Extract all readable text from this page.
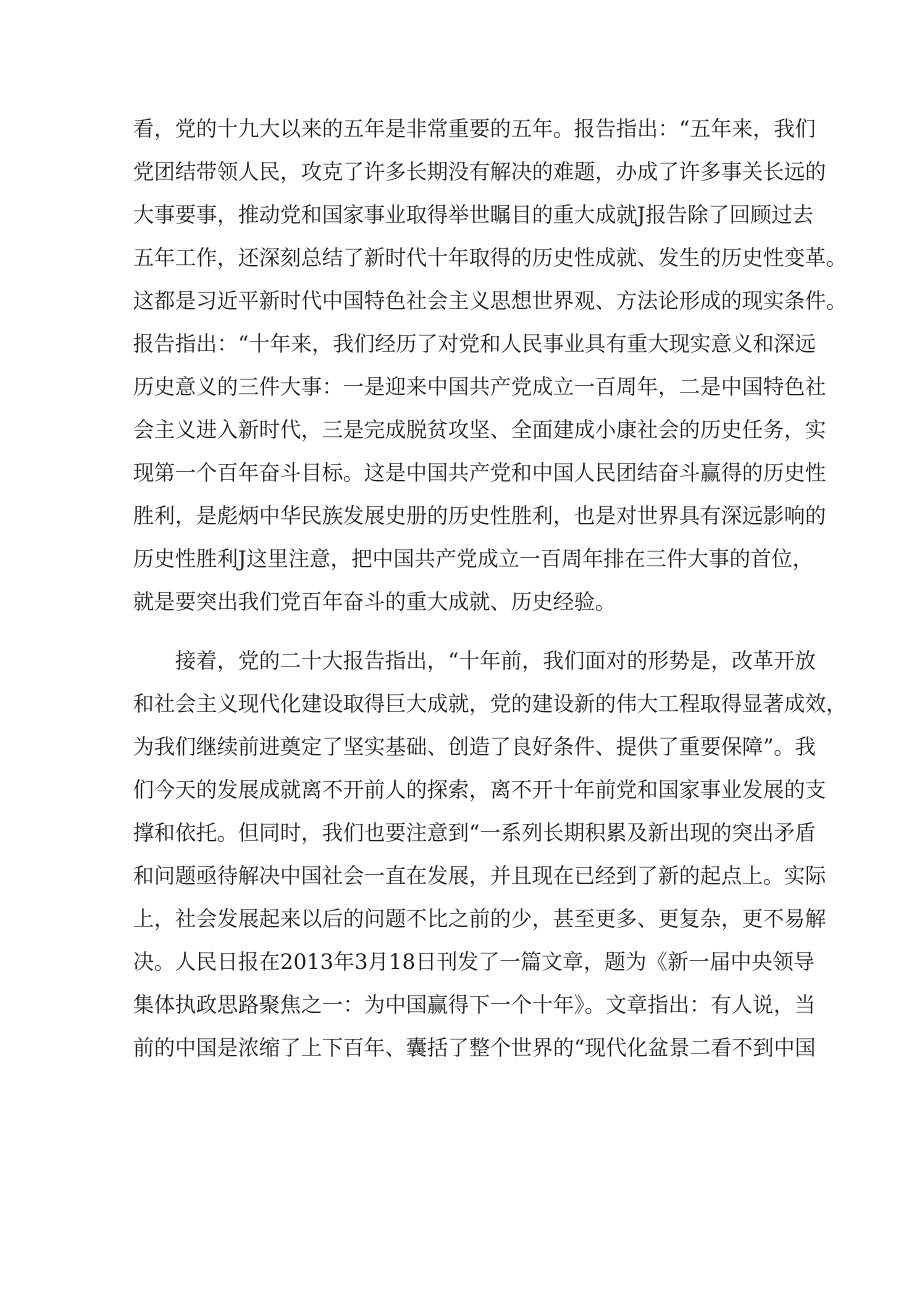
看，党的十九大以来的五年是非常重要的五年。报告指出：“五年来，我们
党团结带领人民，攻克了许多长期没有解决的难题，办成了许多事关长远的
大事要事，推动党和国家事业取得举世瞩目的重大成就J报告除了回顾过去
五年工作，还深刻总结了新时代十年取得的历史性成就、发生的历史性变革。
这都是习近平新时代中国特色社会主义思想世界观、方法论形成的现实条件。
报告指出：“十年来，我们经历了对党和人民事业具有重大现实意义和深远
历史意义的三件大事：一是迎来中国共产党成立一百周年，二是中国特色社
会主义进入新时代，三是完成脱贫攻坚、全面建成小康社会的历史任务，实
现第一个百年奋斗目标。这是中国共产党和中国人民团结奋斗赢得的历史性
胜利，是彪炳中华民族发展史册的历史性胜利，也是对世界具有深远影响的
历史性胜利J这里注意，把中国共产党成立一百周年排在三件大事的首位，
就是要突出我们党百年奋斗的重大成就、历史经验。
接着，党的二十大报告指出，“十年前，我们面对的形势是，改革开放
和社会主义现代化建设取得巨大成就，党的建设新的伟大工程取得显著成效，
为我们继续前进奠定了坚实基础、创造了良好条件、提供了重要保障”。我
们今天的发展成就离不开前人的探索，离不开十年前党和国家事业发展的支
撑和依托。但同时，我们也要注意到“一系列长期积累及新出现的突出矛盾
和问题亟待解决中国社会一直在发展，并且现在已经到了新的起点上。实际
上，社会发展起来以后的问题不比之前的少，甚至更多、更复杂，更不易解
决。人民日报在2013年3月18日刊发了一篇文章，题为《新一届中央领导
集体执政思路聚焦之一：为中国赢得下一个十年》。文章指出：有人说，当
前的中国是浓缩了上下百年、囊括了整个世界的“现代化盆景二看不到中国
